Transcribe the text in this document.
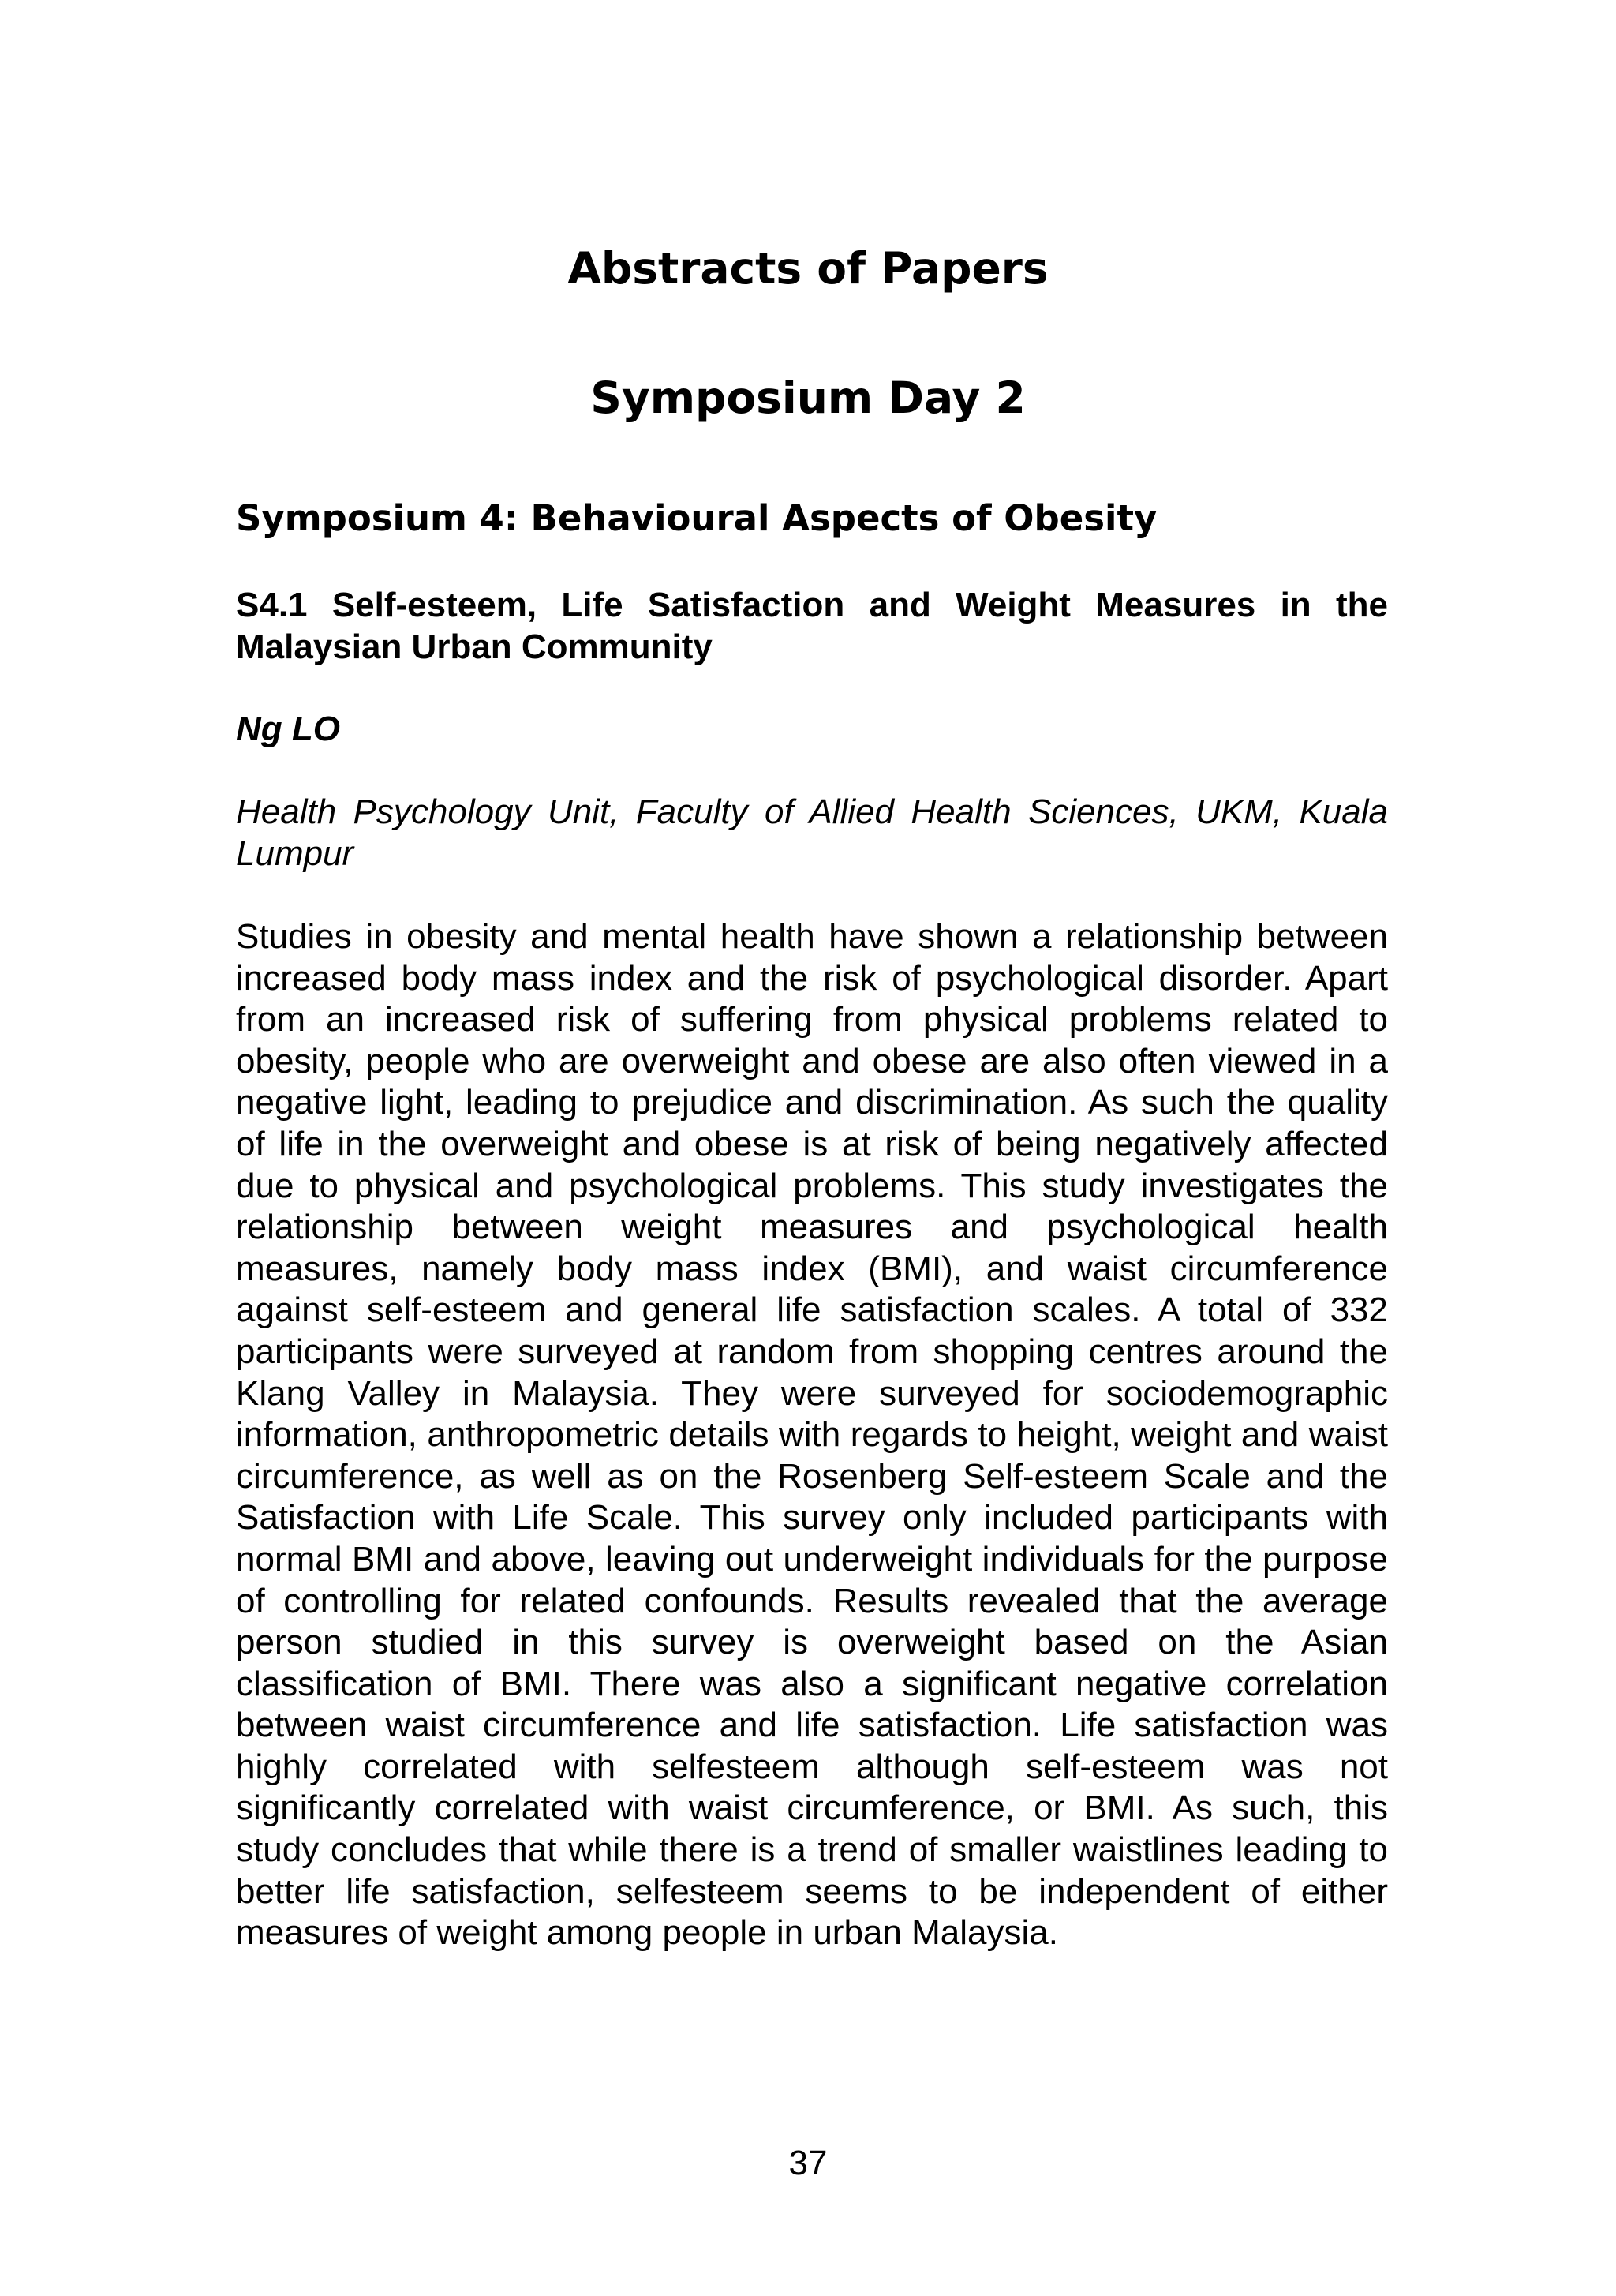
Abstracts of Papers
Symposium Day 2
Symposium 4: Behavioural Aspects of Obesity

S4.1 Self-esteem, Life Satisfaction and Weight Measures in the Malaysian Urban Community

Ng LO

Health Psychology Unit, Faculty of Allied Health Sciences, UKM, Kuala Lumpur

Studies in obesity and mental health have shown a relationship between increased body mass index and the risk of psychological disorder. Apart from an increased risk of suffering from physical problems related to obesity, people who are overweight and obese are also often viewed in a negative light, leading to prejudice and discrimination. As such the quality of life in the overweight and obese is at risk of being negatively affected due to physical and psychological problems. This study investigates the relationship between weight measures and psychological health measures, namely body mass index (BMI), and waist circumference against self-esteem and general life satisfaction scales. A total of 332 participants were surveyed at random from shopping centres around the Klang Valley in Malaysia. They were surveyed for sociodemographic information, anthropometric details with regards to height, weight and waist circumference, as well as on the Rosenberg Self-esteem Scale and the Satisfaction with Life Scale. This survey only included participants with normal BMI and above, leaving out underweight individuals for the purpose of controlling for related confounds. Results revealed that the average person studied in this survey is overweight based on the Asian classification of BMI. There was also a significant negative correlation between waist circumference and life satisfaction. Life satisfaction was highly correlated with selfesteem although self-esteem was not significantly correlated with waist circumference, or BMI. As such, this study concludes that while there is a trend of smaller waistlines leading to better life satisfaction, selfesteem seems to be independent of either measures of weight among people in urban Malaysia.

37
